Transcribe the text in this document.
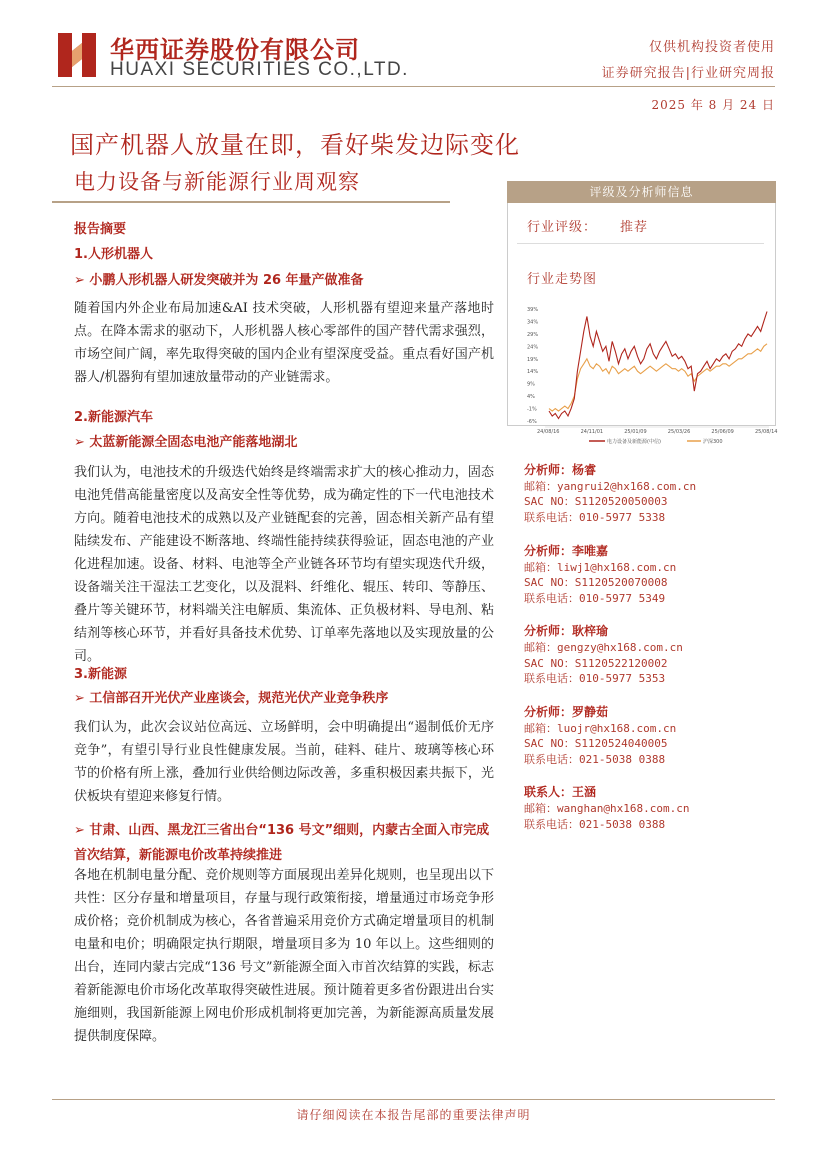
华西证券股份有限公司
HUAXI SECURITIES CO.,LTD.
仅供机构投资者使用
证券研究报告|行业研究周报
2025 年 8 月 24 日
国产机器人放量在即，看好柴发边际变化
电力设备与新能源行业周观察
报告摘要
1.人形机器人
➢ 小鹏人形机器人研发突破并为 26 年量产做准备
随着国内外企业布局加速&AI 技术突破，人形机器有望迎来量产落地时点。在降本需求的驱动下，人形机器人核心零部件的国产替代需求强烈，市场空间广阔，率先取得突破的国内企业有望深度受益。重点看好国产机器人/机器狗有望加速放量带动的产业链需求。
2.新能源汽车
➢ 太蓝新能源全固态电池产能落地湖北
我们认为，电池技术的升级迭代始终是终端需求扩大的核心推动力，固态电池凭借高能量密度以及高安全性等优势，成为确定性的下一代电池技术方向。随着电池技术的成熟以及产业链配套的完善，固态相关新产品有望陆续发布、产能建设不断落地、终端性能持续获得验证，固态电池的产业化进程加速。设备、材料、电池等全产业链各环节均有望实现迭代升级，设备端关注干湿法工艺变化，以及混料、纤维化、辊压、转印、等静压、叠片等关键环节，材料端关注电解质、集流体、正负极材料、导电剂、粘结剂等核心环节，并看好具备技术优势、订单率先落地以及实现放量的公司。
3.新能源
➢ 工信部召开光伏产业座谈会，规范光伏产业竞争秩序
我们认为，此次会议站位高远、立场鲜明，会中明确提出“遏制低价无序竞争”，有望引导行业良性健康发展。当前，硅料、硅片、玻璃等核心环节的价格有所上涨，叠加行业供给侧边际改善，多重积极因素共振下，光伏板块有望迎来修复行情。
➢ 甘肃、山西、黑龙江三省出台“136 号文”细则，内蒙古全面入市完成首次结算，新能源电价改革持续推进
各地在机制电量分配、竞价规则等方面展现出差异化规则，也呈现出以下共性：区分存量和增量项目，存量与现行政策衔接，增量通过市场竞争形成价格；竞价机制成为核心，各省普遍采用竞价方式确定增量项目的机制电量和电价；明确限定执行期限，增量项目多为 10 年以上。这些细则的出台，连同内蒙古完成“136 号文”新能源全面入市首次结算的实践，标志着新能源电价市场化改革取得突破性进展。预计随着更多省份跟进出台实施细则，我国新能源上网电价形成机制将更加完善，为新能源高质量发展提供制度保障。
评级及分析师信息
行业评级： 推荐
行业走势图
39%
34%
29%
24%
19%
14%
9%
4%
-1%
-6%
24/08/16	24/11/01	25/01/09	25/03/26	25/06/09	25/08/14
电力设备及新能源(中信)	沪深300
分析师：杨睿
邮箱：yangrui2@hx168.com.cn
SAC NO：S1120520050003
联系电话：010-5977 5338
分析师：李唯嘉
邮箱：liwj1@hx168.com.cn
SAC NO：S1120520070008
联系电话：010-5977 5349
分析师：耿梓瑜
邮箱：gengzy@hx168.com.cn
SAC NO：S1120522120002
联系电话：010-5977 5353
分析师：罗静茹
邮箱：luojr@hx168.com.cn
SAC NO：S1120524040005
联系电话：021-5038 0388
联系人：王涵
邮箱：wanghan@hx168.com.cn
联系电话：021-5038 0388
请仔细阅读在本报告尾部的重要法律声明
